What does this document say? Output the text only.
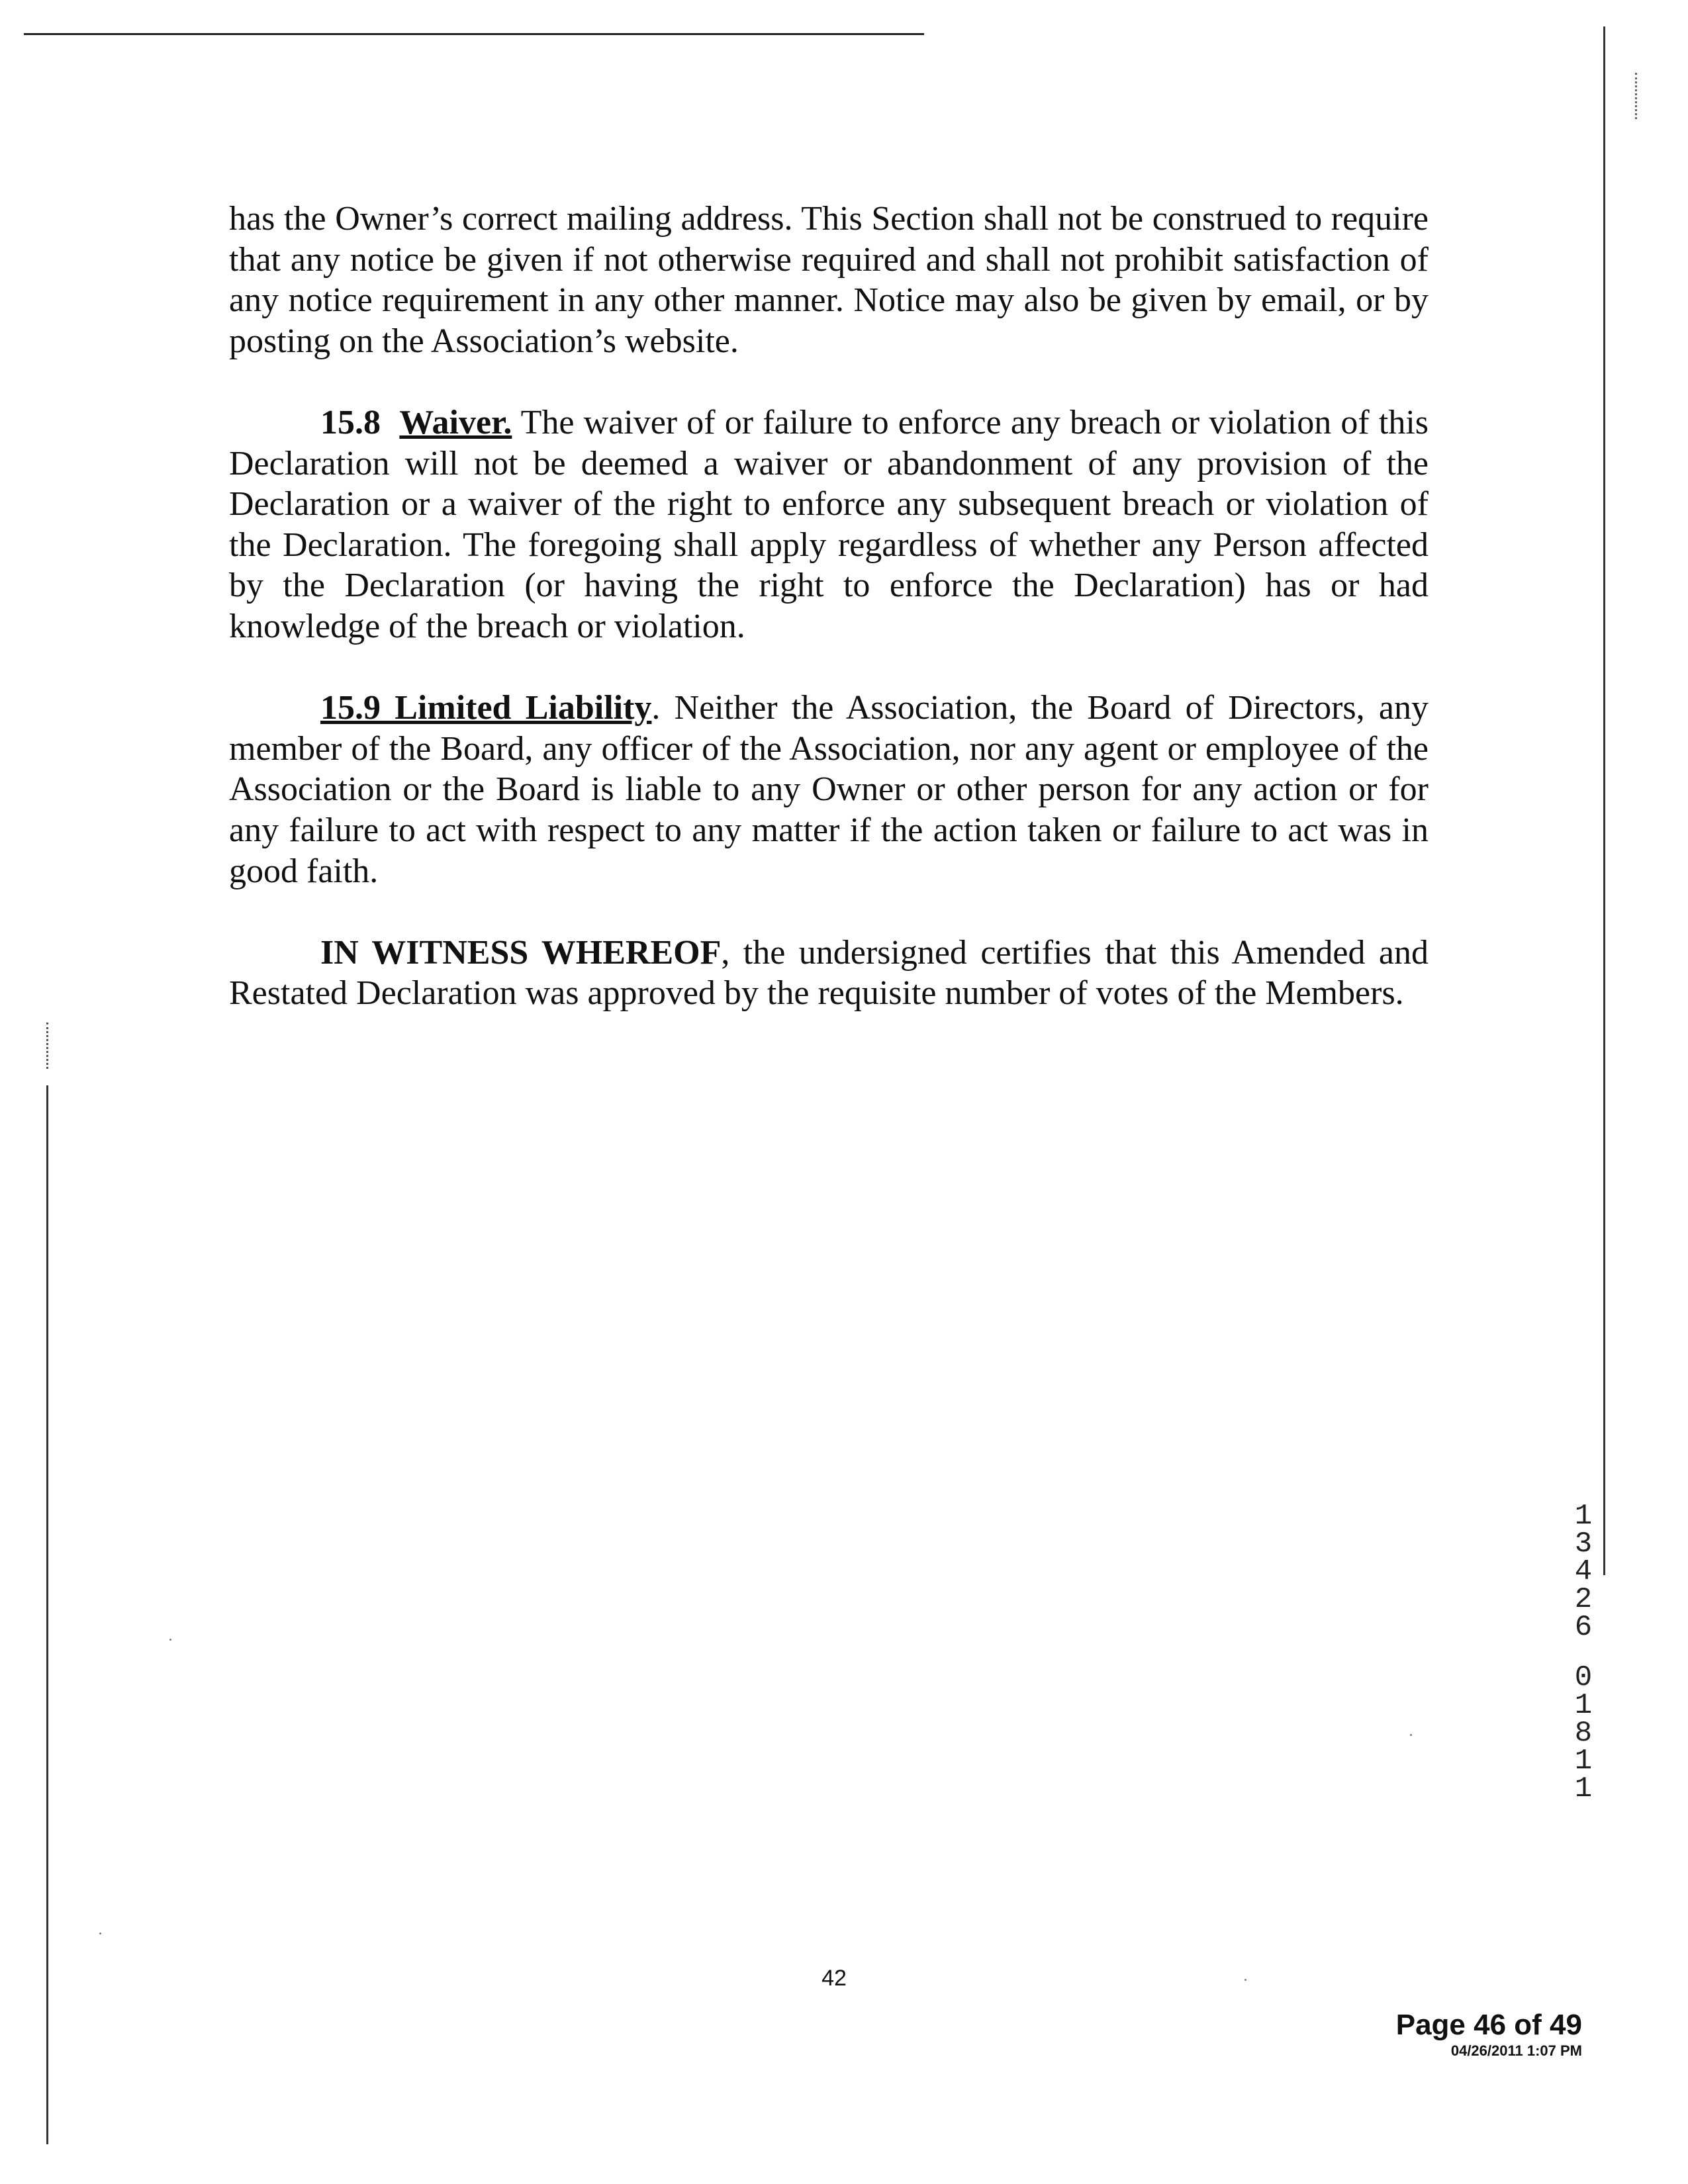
has the Owner’s correct mailing address. This Section shall not be construed to require that any notice be given if not otherwise required and shall not prohibit satisfaction of any notice requirement in any other manner. Notice may also be given by email, or by posting on the Association’s website.

15.8 Waiver. The waiver of or failure to enforce any breach or violation of this Declaration will not be deemed a waiver or abandonment of any provision of the Declaration or a waiver of the right to enforce any subsequent breach or violation of the Declaration. The foregoing shall apply regardless of whether any Person affected by the Declaration (or having the right to enforce the Declaration) has or had knowledge of the breach or violation.

15.9 Limited Liability. Neither the Association, the Board of Directors, any member of the Board, any officer of the Association, nor any agent or employee of the Association or the Board is liable to any Owner or other person for any action or for any failure to act with respect to any matter if the action taken or failure to act was in good faith.

IN WITNESS WHEREOF, the undersigned certifies that this Amended and Restated Declaration was approved by the requisite number of votes of the Members.

1
3
4
2
6
0
1
8
1
1
42
Page 46 of 49
04/26/2011 1:07 PM
